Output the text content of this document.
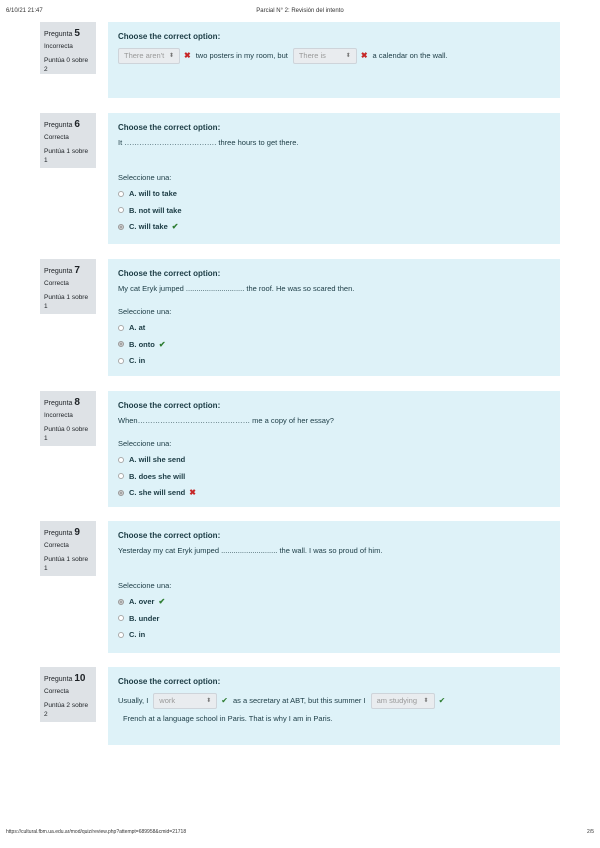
6/10/21 21:47	Parcial N° 2: Revisión del intento
https://cultural.fbm.ua.edu.ar/mod/quiz/review.php?attempt=689958&cmid=21718	2/5
Pregunta 5
Incorrecta
Puntúa 0 sobre 2
Choose the correct option:
There aren't ⬍ ✖ two posters in my room, but There is	⬍ ✖ a calendar on the wall.
Pregunta 6
Correcta
Puntúa 1 sobre 1
Choose the correct option:
It ………………………………. three hours to get there.
Seleccione una:
A. will to take
B. not will take
C. will take ✔
Pregunta 7
Correcta
Puntúa 1 sobre 1
Choose the correct option:
My cat Eryk jumped ............................ the roof. He was so scared then.
Seleccione una:
A. at
B. onto ✔
C. in
Pregunta 8
Incorrecta
Puntúa 0 sobre 1
Choose the correct option:
When……………………………………… me a copy of her essay?
Seleccione una:
A. will she send
B. does she will
C. she will send ✖
Pregunta 9
Correcta
Puntúa 1 sobre 1
Choose the correct option:
Yesterday my cat Eryk jumped ........................... the wall. I was so proud of him.
Seleccione una:
A. over ✔
B. under
C. in
Pregunta 10
Correcta
Puntúa 2 sobre 2
Choose the correct option:
Usually, I work	⬍ ✔ as a secretary at ABT, but this summer I am studying ⬍ ✔
French at a language school in Paris. That is why I am in Paris.
